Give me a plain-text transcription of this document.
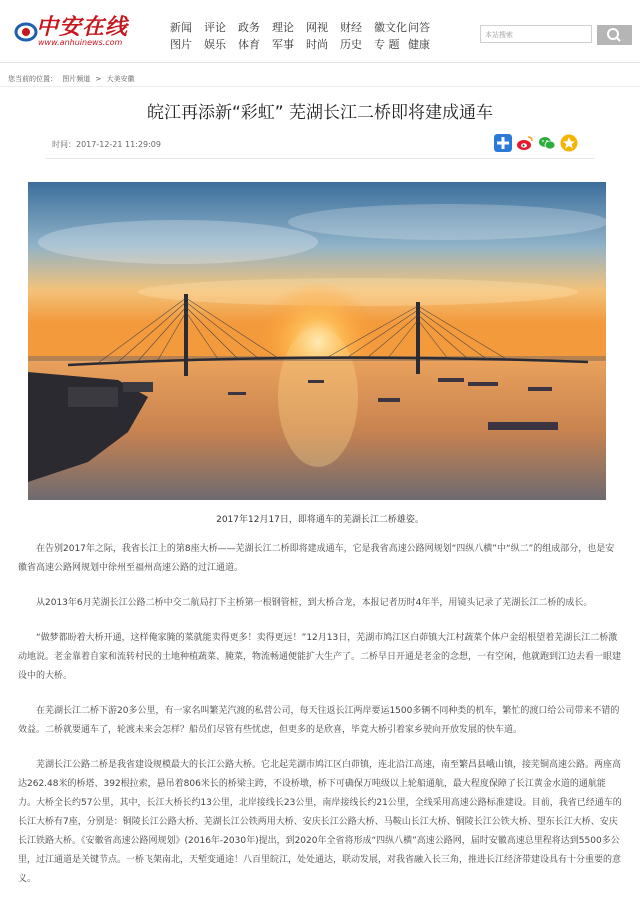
中安在线
www.anhuinews.com
新闻	评论	政务	理论	网视	财经	徽文化 问答
图片	娱乐	体育	军事	时尚	历史	专 题 健康
本站搜索
您当前的位置： 图片频道 > 大美安徽
皖江再添新“彩虹” 芜湖长江二桥即将建成通车
时间：2017-12-21 11:29:09
2017年12月17日，即将通车的芜湖长江二桥雄姿。

在告别2017年之际，我省长江上的第8座大桥——芜湖长江二桥即将建成通车，它是我省高速公路网规划“四纵八横”中“纵二”的组成部分，也是安徽省高速公路网规划中徐州至福州高速公路的过江通道。

从2013年6月芜湖长江公路二桥中交二航局打下主桥第一根钢管桩，到大桥合龙，本报记者历时4年半，用镜头记录了芜湖长江二桥的成长。

“做梦都盼着大桥开通，这样俺家腌的菜就能卖得更多！卖得更远！”12月13日，芜湖市鸠江区白茆镇大江村蔬菜个体户金绍根望着芜湖长江二桥激动地说。老金靠着自家和流转村民的土地种植蔬菜、腌菜，物流畅通便能扩大生产了。二桥早日开通是老金的念想，一有空闲，他就跑到江边去看一眼建设中的大桥。

在芜湖长江二桥下游20多公里，有一家名叫繁芜汽渡的私营公司，每天往返长江两岸要运1500多辆不同种类的机车，繁忙的渡口给公司带来不错的效益。二桥就要通车了，轮渡未来会怎样？船员们尽管有些忧虑，但更多的是欣喜，毕竟大桥引着家乡驶向开放发展的快车道。

芜湖长江公路二桥是我省建设规模最大的长江公路大桥。它北起芜湖市鸠江区白茆镇，连北沿江高速，南至繁昌县峨山镇，接芜铜高速公路。两座高达262.48米的桥塔、392根拉索，悬吊着806米长的桥梁主跨，不设桥墩，桥下可确保万吨级以上轮船通航，最大程度保障了长江黄金水道的通航能力。大桥全长约57公里，其中，长江大桥长约13公里，北岸接线长23公里，南岸接线长约21公里，全线采用高速公路标准建设。目前，我省已经通车的长江大桥有7座，分别是：铜陵长江公路大桥、芜湖长江公铁两用大桥、安庆长江公路大桥、马鞍山长江大桥、铜陵长江公铁大桥、望东长江大桥、安庆长江铁路大桥。《安徽省高速公路网规划》(2016年-2030年)提出，到2020年全省将形成“四纵八横”高速公路网，届时安徽高速总里程将达到5500多公里，过江通道是关键节点。一桥飞架南北，天堑变通途！八百里皖江，处处通达，联动发展，对我省融入长三角，推进长江经济带建设具有十分重要的意义。
